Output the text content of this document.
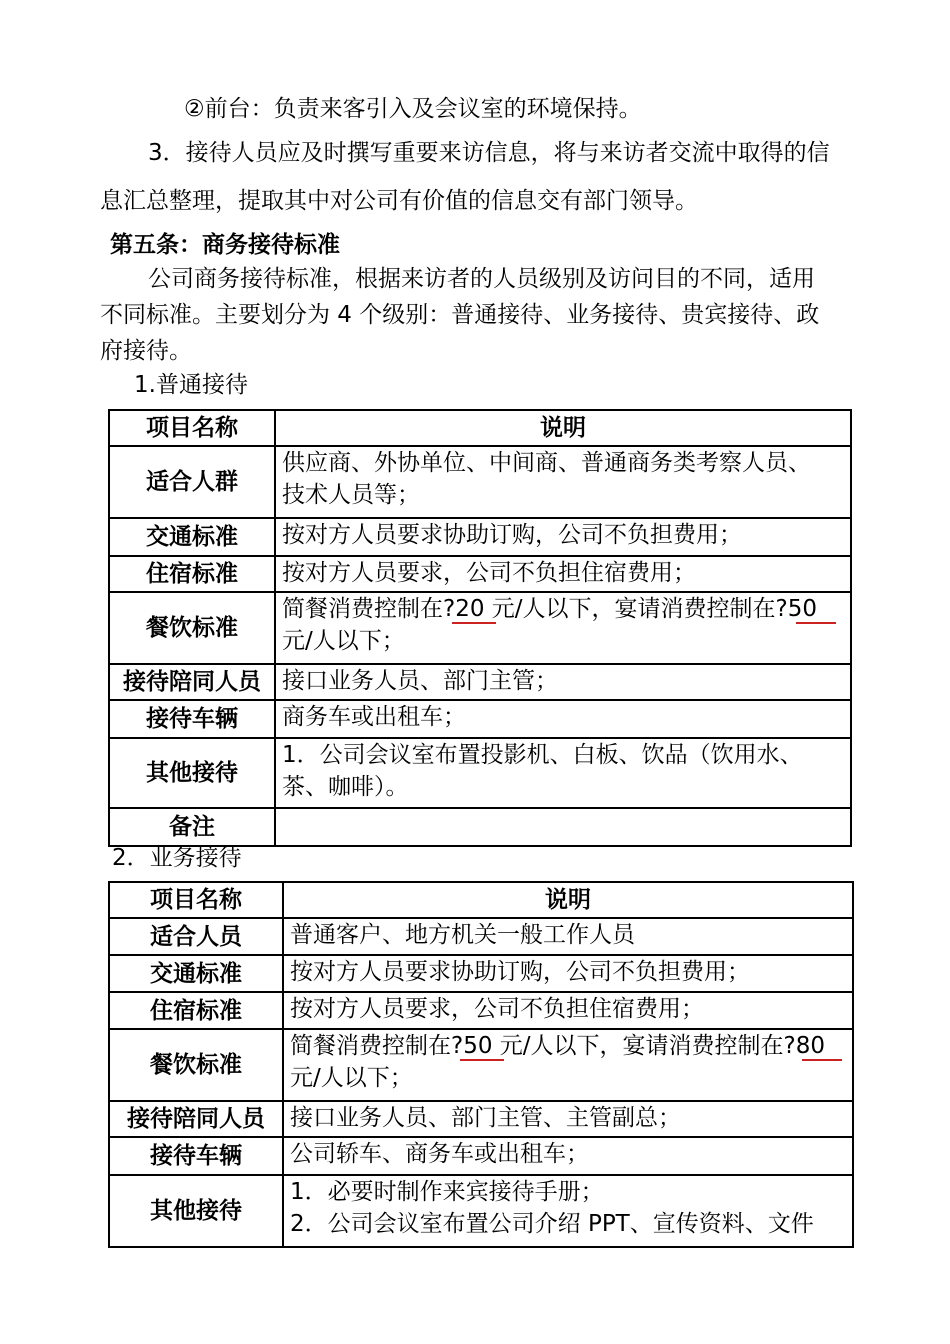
②前台：负责来客引入及会议室的环境保持。
3．接待人员应及时撰写重要来访信息，将与来访者交流中取得的信
息汇总整理，提取其中对公司有价值的信息交有部门领导。
第五条：商务接待标准
公司商务接待标准，根据来访者的人员级别及访问目的不同，适用
不同标准。主要划分为 4 个级别：普通接待、业务接待、贵宾接待、政
府接待。
1.普通接待
项目名称	说明
适合人群	供应商、外协单位、中间商、普通商务类考察人员、
技术人员等；

交通标准	按对方人员要求协助订购，公司不负担费用；
住宿标准	按对方人员要求，公司不负担住宿费用；
餐饮标准	简餐消费控制在?20 元/人以下，宴请消费控制在?50
元/人以下；

接待陪同人员	接口业务人员、部门主管；
接待车辆	商务车或出租车；
其他接待	1．公司会议室布置投影机、白板、饮品（饮用水、
茶、咖啡）。

备注	
2．业务接待
项目名称	说明
适合人员	普通客户、地方机关一般工作人员
交通标准	按对方人员要求协助订购，公司不负担费用；
住宿标准	按对方人员要求，公司不负担住宿费用；
餐饮标准	简餐消费控制在?50 元/人以下，宴请消费控制在?80
元/人以下；

接待陪同人员	接口业务人员、部门主管、主管副总；
接待车辆	公司轿车、商务车或出租车；
其他接待	1．必要时制作来宾接待手册；
2．公司会议室布置公司介绍 PPT、宣传资料、文件
